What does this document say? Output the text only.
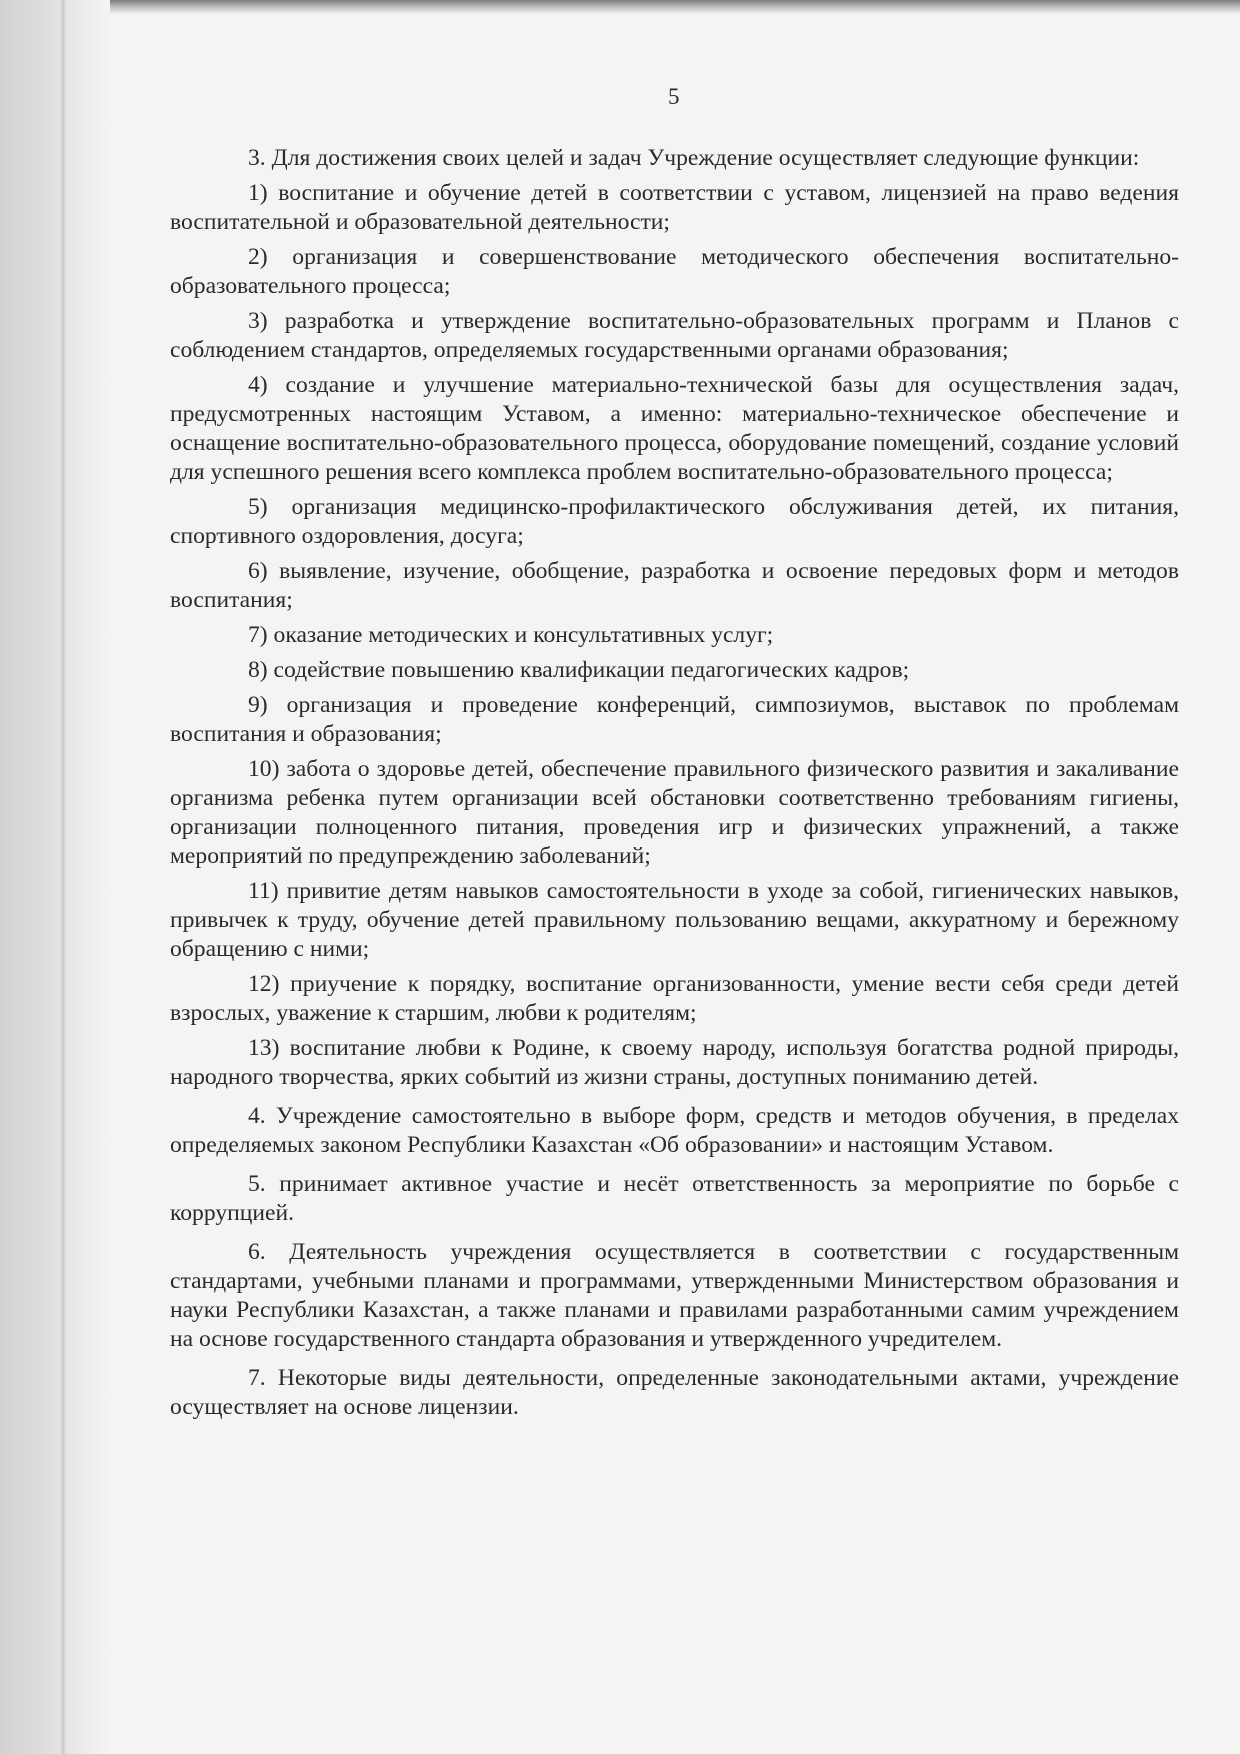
5

3. Для достижения своих целей и задач Учреждение осуществляет следующие функции:

1) воспитание и обучение детей в соответствии с уставом, лицензией на право ведения воспитательной и образовательной деятельности;

2) организация и совершенствование методического обеспечения воспитательно-образовательного процесса;

3) разработка и утверждение воспитательно-образовательных программ и Планов с соблюдением стандартов, определяемых государственными органами образования;

4) создание и улучшение материально-технической базы для осуществления задач, предусмотренных настоящим Уставом, а именно: материально-техническое обеспечение и оснащение воспитательно-образовательного процесса, оборудование помещений, создание условий для успешного решения всего комплекса проблем воспитательно-образовательного процесса;

5) организация медицинско-профилактического обслуживания детей, их питания, спортивного оздоровления, досуга;

6) выявление, изучение, обобщение, разработка и освоение передовых форм и методов воспитания;

7) оказание методических и консультативных услуг;

8) содействие повышению квалификации педагогических кадров;

9) организация и проведение конференций, симпозиумов, выставок по проблемам воспитания и образования;

10) забота о здоровье детей, обеспечение правильного физического развития и закаливание организма ребенка путем организации всей обстановки соответственно требованиям гигиены, организации полноценного питания, проведения игр и физических упражнений, а также мероприятий по предупреждению заболеваний;

11) привитие детям навыков самостоятельности в уходе за собой, гигиенических навыков, привычек к труду, обучение детей правильному пользованию вещами, аккуратному и бережному обращению с ними;

12) приучение к порядку, воспитание организованности, умение вести себя среди детей взрослых, уважение к старшим, любви к родителям;

13) воспитание любви к Родине, к своему народу, используя богатства родной природы, народного творчества, ярких событий из жизни страны, доступных пониманию детей.

4. Учреждение самостоятельно в выборе форм, средств и методов обучения, в пределах определяемых законом Республики Казахстан «Об образовании» и настоящим Уставом.

5. принимает активное участие и несёт ответственность за мероприятие по борьбе с коррупцией.

6. Деятельность учреждения осуществляется в соответствии с государственным стандартами, учебными планами и программами, утвержденными Министерством образования и науки Республики Казахстан, а также планами и правилами разработанными самим учреждением на основе государственного стандарта образования и утвержденного учредителем.

7. Некоторые виды деятельности, определенные законодательными актами, учреждение осуществляет на основе лицензии.
